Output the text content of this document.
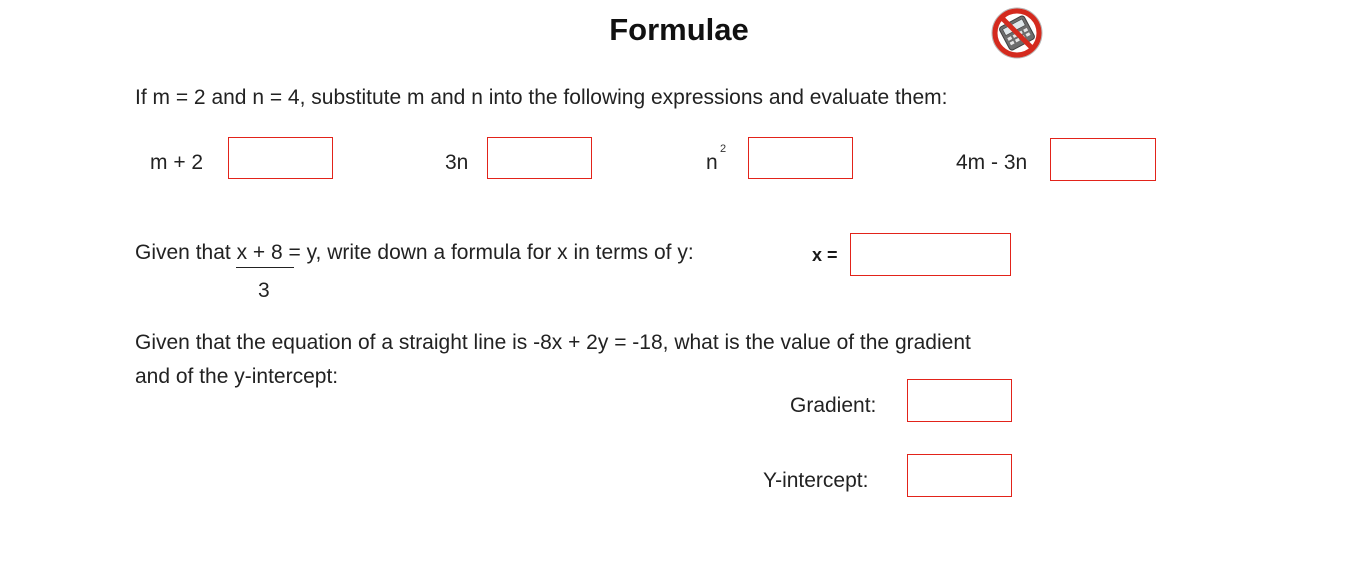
Formulae
If m = 2 and n = 4, substitute m and n into the following expressions and evaluate them:
m + 2	3n	n
2
4m - 3n
Given that x + 8 = y, write down a formula for x in terms of y:
3
x =
Given that the equation of a straight line is -8x + 2y = -18, what is the value of the gradient
and of the y-intercept:
Gradient:
Y-intercept:
